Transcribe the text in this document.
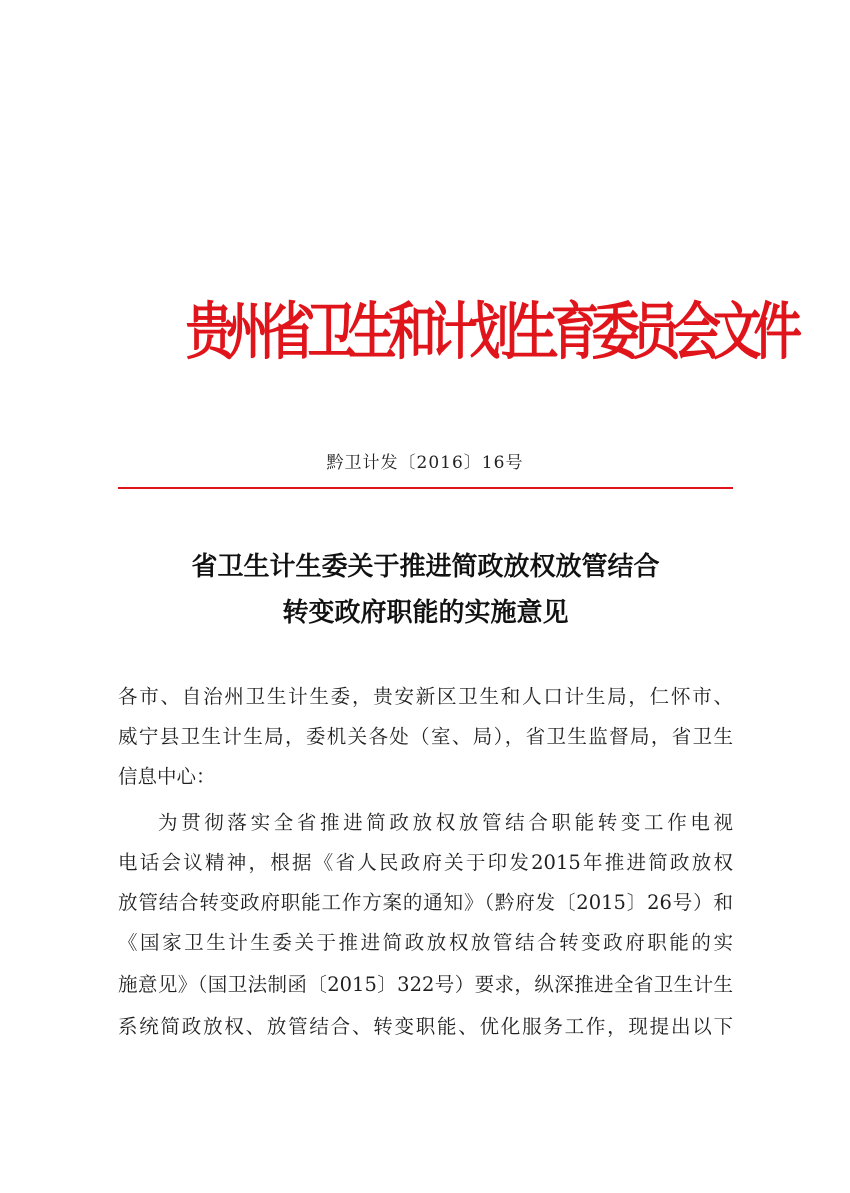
贵州省卫生和计划生育委员会文件
黔卫计发〔2016〕16号
省卫生计生委关于推进简政放权放管结合
转变政府职能的实施意见
各市、自治州卫生计生委，贵安新区卫生和人口计生局，仁怀市、
威宁县卫生计生局，委机关各处（室、局），省卫生监督局，省卫生
信息中心：
为贯彻落实全省推进简政放权放管结合职能转变工作电视
电话会议精神，根据《省人民政府关于印发2015年推进简政放权
放管结合转变政府职能工作方案的通知》（黔府发〔2015〕26号）和
《国家卫生计生委关于推进简政放权放管结合转变政府职能的实
施意见》（国卫法制函〔2015〕322号）要求，纵深推进全省卫生计生
系统简政放权、放管结合、转变职能、优化服务工作，现提出以下
